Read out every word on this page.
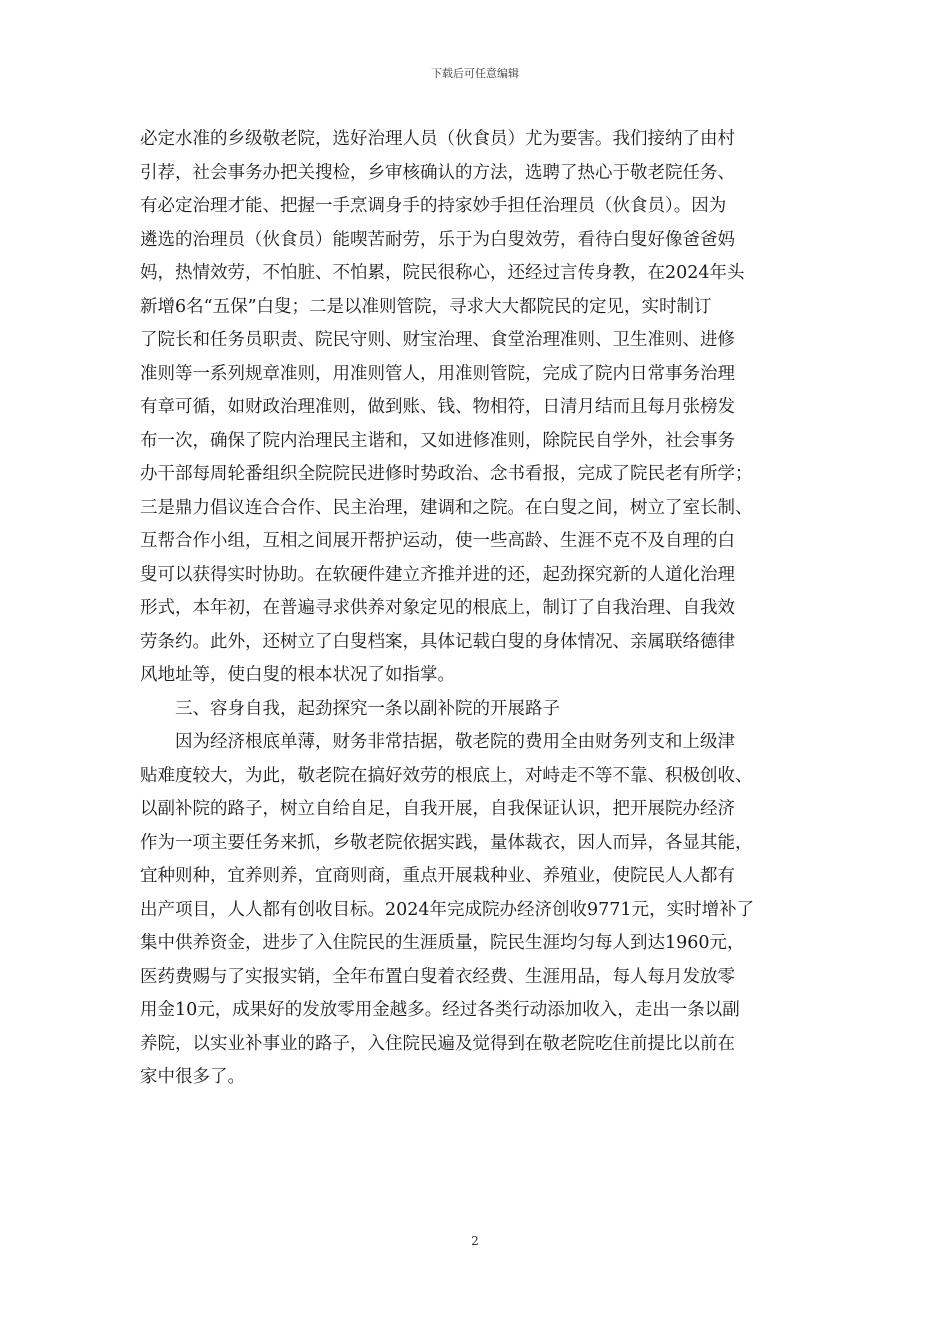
下载后可任意编辑
必定水准的乡级敬老院，选好治理人员（伙食员）尤为要害。我们接纳了由村
引荐，社会事务办把关搜检，乡审核确认的方法，选聘了热心于敬老院任务、
有必定治理才能、把握一手烹调身手的持家妙手担任治理员（伙食员）。因为
遴选的治理员（伙食员）能喫苦耐劳，乐于为白叟效劳，看待白叟好像爸爸妈
妈，热情效劳，不怕脏、不怕累，院民很称心，还经过言传身教，在2024年头
新增6名“五保”白叟；二是以准则管院，寻求大大都院民的定见，实时制订
了院长和任务员职责、院民守则、财宝治理、食堂治理准则、卫生准则、进修
准则等一系列规章准则，用准则管人，用准则管院，完成了院内日常事务治理
有章可循，如财政治理准则，做到账、钱、物相符，日清月结而且每月张榜发
布一次，确保了院内治理民主谐和，又如进修准则，除院民自学外，社会事务
办干部每周轮番组织全院院民进修时势政治、念书看报，完成了院民老有所学；
三是鼎力倡议连合合作、民主治理，建调和之院。在白叟之间，树立了室长制、
互帮合作小组，互相之间展开帮护运动，使一些高龄、生涯不克不及自理的白
叟可以获得实时协助。在软硬件建立齐推并进的还，起劲探究新的人道化治理
形式，本年初，在普遍寻求供养对象定见的根底上，制订了自我治理、自我效
劳条约。此外，还树立了白叟档案，具体记载白叟的身体情况、亲属联络德律
风地址等，使白叟的根本状况了如指掌。
三、容身自我，起劲探究一条以副补院的开展路子
因为经济根底单薄，财务非常拮据，敬老院的费用全由财务列支和上级津
贴难度较大，为此，敬老院在搞好效劳的根底上，对峙走不等不靠、积极创收、
以副补院的路子，树立自给自足，自我开展，自我保证认识，把开展院办经济
作为一项主要任务来抓，乡敬老院依据实践，量体裁衣，因人而异，各显其能，
宜种则种，宜养则养，宜商则商，重点开展栽种业、养殖业，使院民人人都有
出产项目，人人都有创收目标。2024年完成院办经济创收9771元，实时增补了
集中供养资金，进步了入住院民的生涯质量，院民生涯均匀每人到达1960元，
医药费赐与了实报实销，全年布置白叟着衣经费、生涯用品，每人每月发放零
用金10元，成果好的发放零用金越多。经过各类行动添加收入，走出一条以副
养院，以实业补事业的路子，入住院民遍及觉得到在敬老院吃住前提比以前在
家中很多了。
2
